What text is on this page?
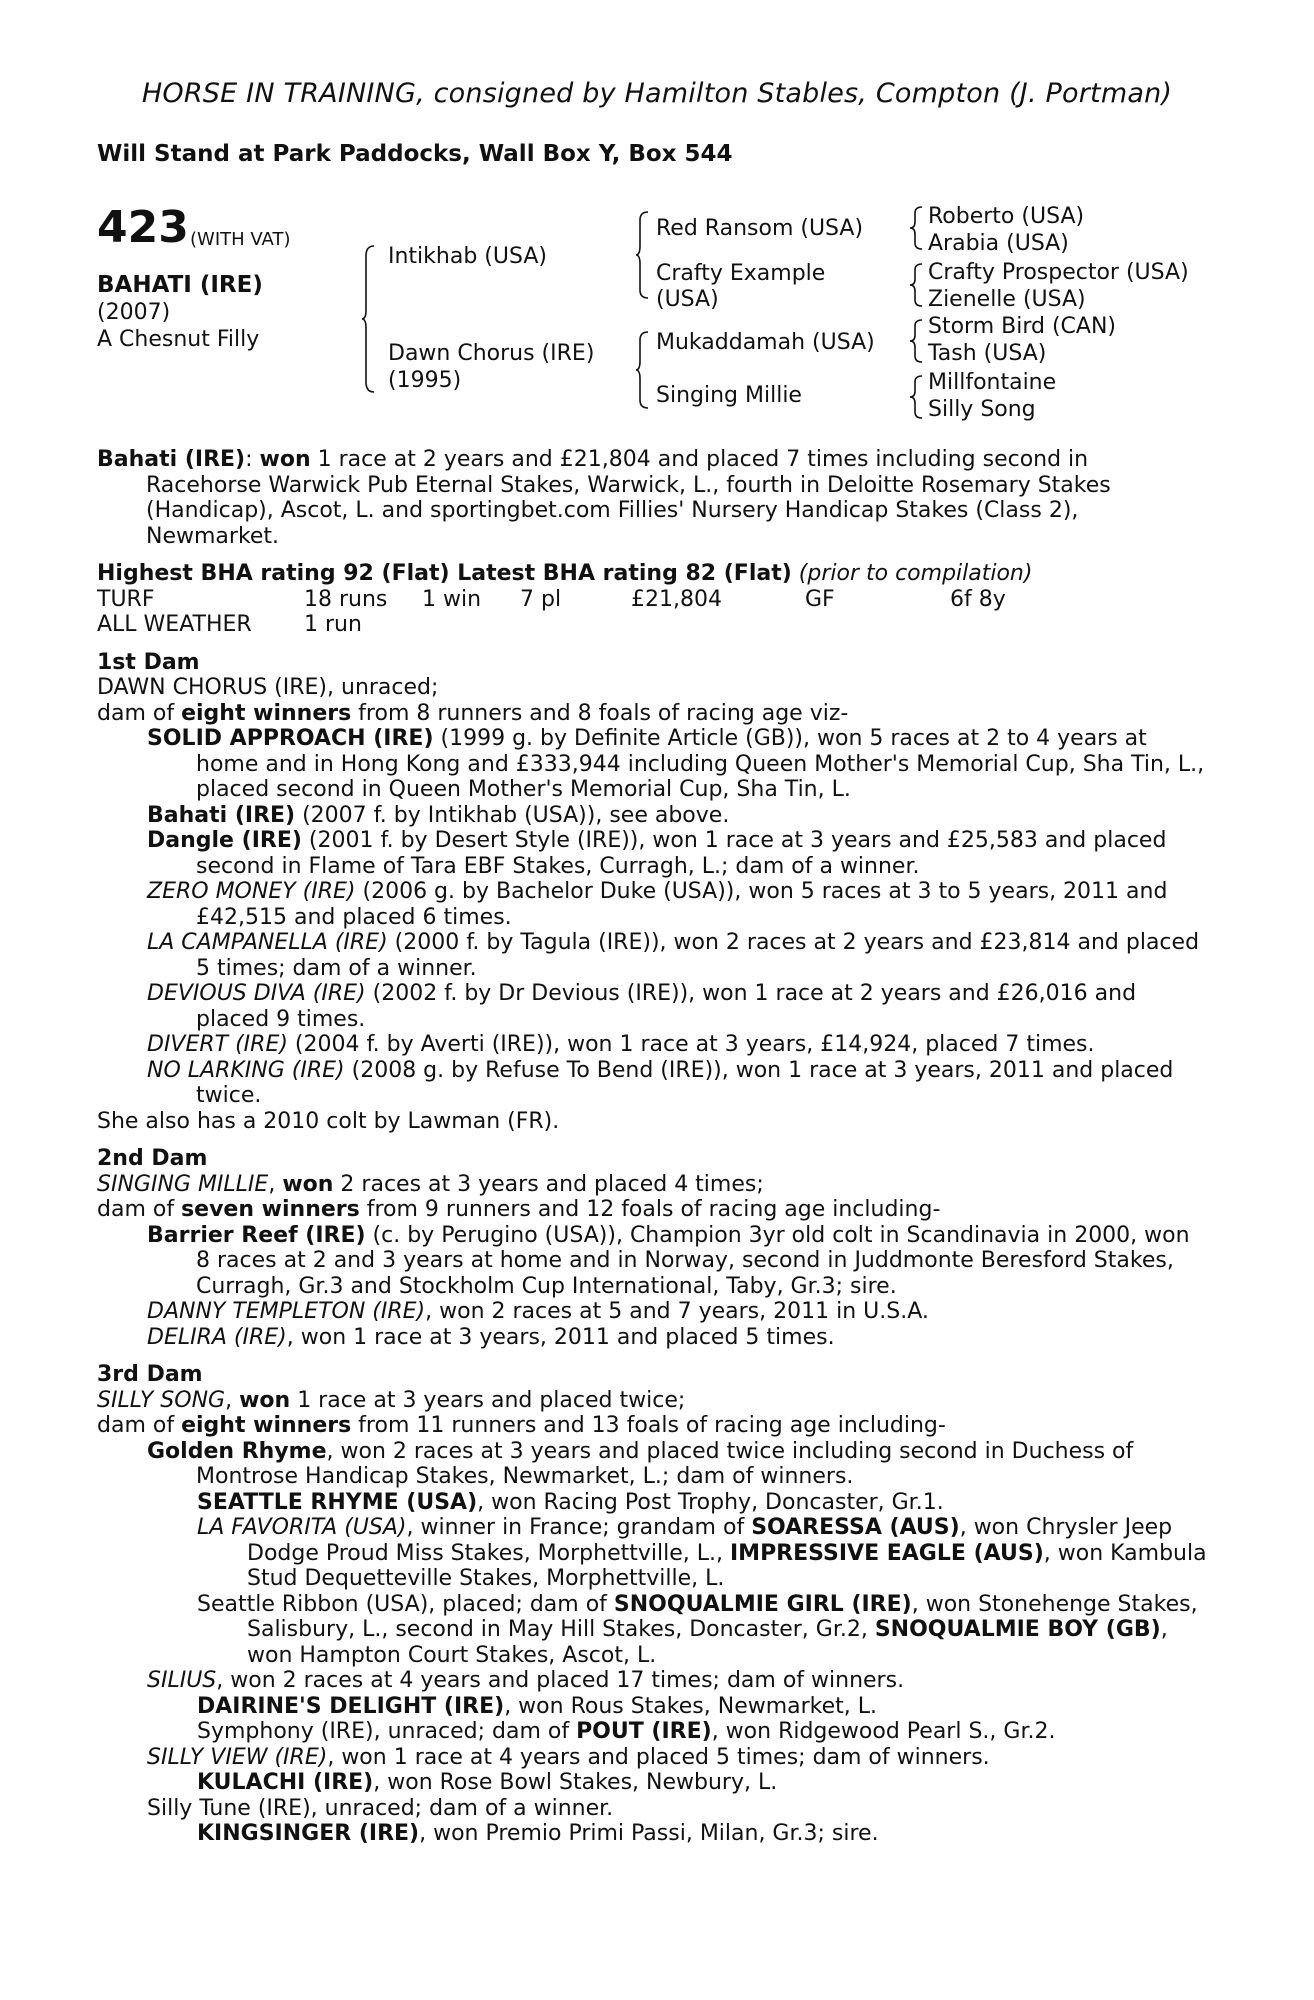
HORSE IN TRAINING, consigned by Hamilton Stables, Compton (J. Portman)
Will Stand at Park Paddocks, Wall Box Y, Box 544
423 (WITH VAT)
BAHATI (IRE)
(2007)
A Chesnut Filly
Intikhab (USA)
Dawn Chorus (IRE)
(1995)
Red Ransom (USA)
Crafty Example
(USA)
Mukaddamah (USA)
Singing Millie
Roberto (USA)
Arabia (USA)
Crafty Prospector (USA)
Zienelle (USA)
Storm Bird (CAN)
Tash (USA)
Millfontaine
Silly Song

Bahati (IRE): won 1 race at 2 years and £21,804 and placed 7 times including second in Racehorse Warwick Pub Eternal Stakes, Warwick, L., fourth in Deloitte Rosemary Stakes (Handicap), Ascot, L. and sportingbet.com Fillies' Nursery Handicap Stakes (Class 2), Newmarket.

Highest BHA rating 92 (Flat) Latest BHA rating 82 (Flat) (prior to compilation)
TURF	18 runs	1 win	7 pl	£21,804	GF	6f 8y
ALL WEATHER	1 run
1st Dam
DAWN CHORUS (IRE), unraced;
dam of eight winners from 8 runners and 8 foals of racing age viz-
SOLID APPROACH (IRE) (1999 g. by Definite Article (GB)), won 5 races at 2 to 4 years at home and in Hong Kong and £333,944 including Queen Mother's Memorial Cup, Sha Tin, L., placed second in Queen Mother's Memorial Cup, Sha Tin, L.
Bahati (IRE) (2007 f. by Intikhab (USA)), see above.
Dangle (IRE) (2001 f. by Desert Style (IRE)), won 1 race at 3 years and £25,583 and placed second in Flame of Tara EBF Stakes, Curragh, L.; dam of a winner.
ZERO MONEY (IRE) (2006 g. by Bachelor Duke (USA)), won 5 races at 3 to 5 years, 2011 and £42,515 and placed 6 times.
LA CAMPANELLA (IRE) (2000 f. by Tagula (IRE)), won 2 races at 2 years and £23,814 and placed 5 times; dam of a winner.
DEVIOUS DIVA (IRE) (2002 f. by Dr Devious (IRE)), won 1 race at 2 years and £26,016 and placed 9 times.
DIVERT (IRE) (2004 f. by Averti (IRE)), won 1 race at 3 years, £14,924, placed 7 times.
NO LARKING (IRE) (2008 g. by Refuse To Bend (IRE)), won 1 race at 3 years, 2011 and placed twice.
She also has a 2010 colt by Lawman (FR).
2nd Dam
SINGING MILLIE, won 2 races at 3 years and placed 4 times;
dam of seven winners from 9 runners and 12 foals of racing age including-
Barrier Reef (IRE) (c. by Perugino (USA)), Champion 3yr old colt in Scandinavia in 2000, won 8 races at 2 and 3 years at home and in Norway, second in Juddmonte Beresford Stakes, Curragh, Gr.3 and Stockholm Cup International, Taby, Gr.3; sire.
DANNY TEMPLETON (IRE), won 2 races at 5 and 7 years, 2011 in U.S.A.
DELIRA (IRE), won 1 race at 3 years, 2011 and placed 5 times.
3rd Dam
SILLY SONG, won 1 race at 3 years and placed twice;
dam of eight winners from 11 runners and 13 foals of racing age including-
Golden Rhyme, won 2 races at 3 years and placed twice including second in Duchess of Montrose Handicap Stakes, Newmarket, L.; dam of winners.
SEATTLE RHYME (USA), won Racing Post Trophy, Doncaster, Gr.1.
LA FAVORITA (USA), winner in France; grandam of SOARESSA (AUS), won Chrysler Jeep Dodge Proud Miss Stakes, Morphettville, L., IMPRESSIVE EAGLE (AUS), won Kambula Stud Dequetteville Stakes, Morphettville, L.
Seattle Ribbon (USA), placed; dam of SNOQUALMIE GIRL (IRE), won Stonehenge Stakes, Salisbury, L., second in May Hill Stakes, Doncaster, Gr.2, SNOQUALMIE BOY (GB), won Hampton Court Stakes, Ascot, L.
SILIUS, won 2 races at 4 years and placed 17 times; dam of winners.
DAIRINE'S DELIGHT (IRE), won Rous Stakes, Newmarket, L.
Symphony (IRE), unraced; dam of POUT (IRE), won Ridgewood Pearl S., Gr.2.
SILLY VIEW (IRE), won 1 race at 4 years and placed 5 times; dam of winners.
KULACHI (IRE), won Rose Bowl Stakes, Newbury, L.
Silly Tune (IRE), unraced; dam of a winner.
KINGSINGER (IRE), won Premio Primi Passi, Milan, Gr.3; sire.
